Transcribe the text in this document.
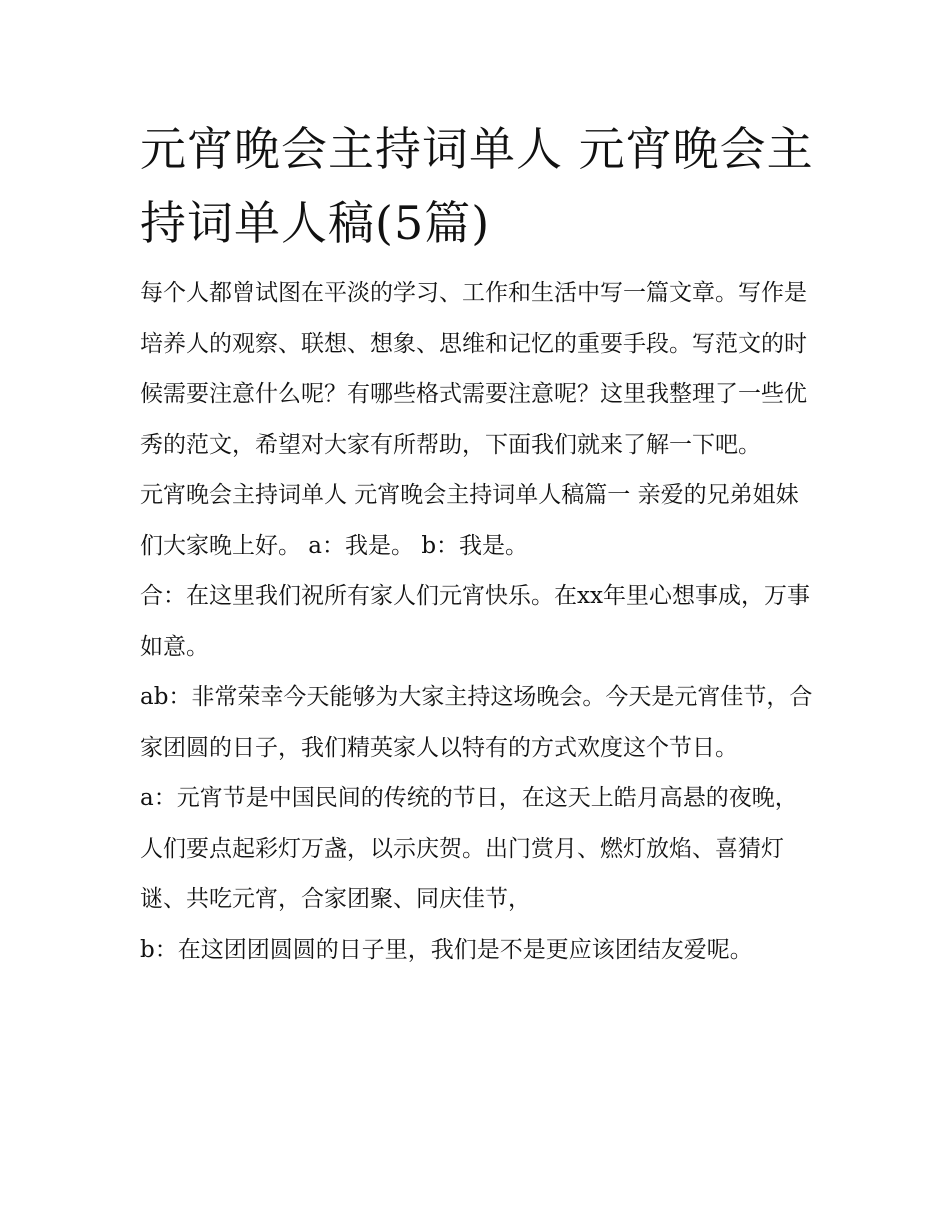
元宵晚会主持词单人 元宵晚会主持词单人稿(5篇)

每个人都曾试图在平淡的学习、工作和生活中写一篇文章。写作是培养人的观察、联想、想象、思维和记忆的重要手段。写范文的时候需要注意什么呢？有哪些格式需要注意呢？这里我整理了一些优秀的范文，希望对大家有所帮助，下面我们就来了解一下吧。

元宵晚会主持词单人 元宵晚会主持词单人稿篇一 亲爱的兄弟姐妹们大家晚上好。 a：我是。 b：我是。

合：在这里我们祝所有家人们元宵快乐。在xx年里心想事成，万事如意。

ab：非常荣幸今天能够为大家主持这场晚会。今天是元宵佳节，合家团圆的日子，我们精英家人以特有的方式欢度这个节日。

a：元宵节是中国民间的传统的节日，在这天上皓月高悬的夜晚，人们要点起彩灯万盏，以示庆贺。出门赏月、燃灯放焰、喜猜灯谜、共吃元宵，合家团聚、同庆佳节，

b：在这团团圆圆的日子里，我们是不是更应该团结友爱呢。
